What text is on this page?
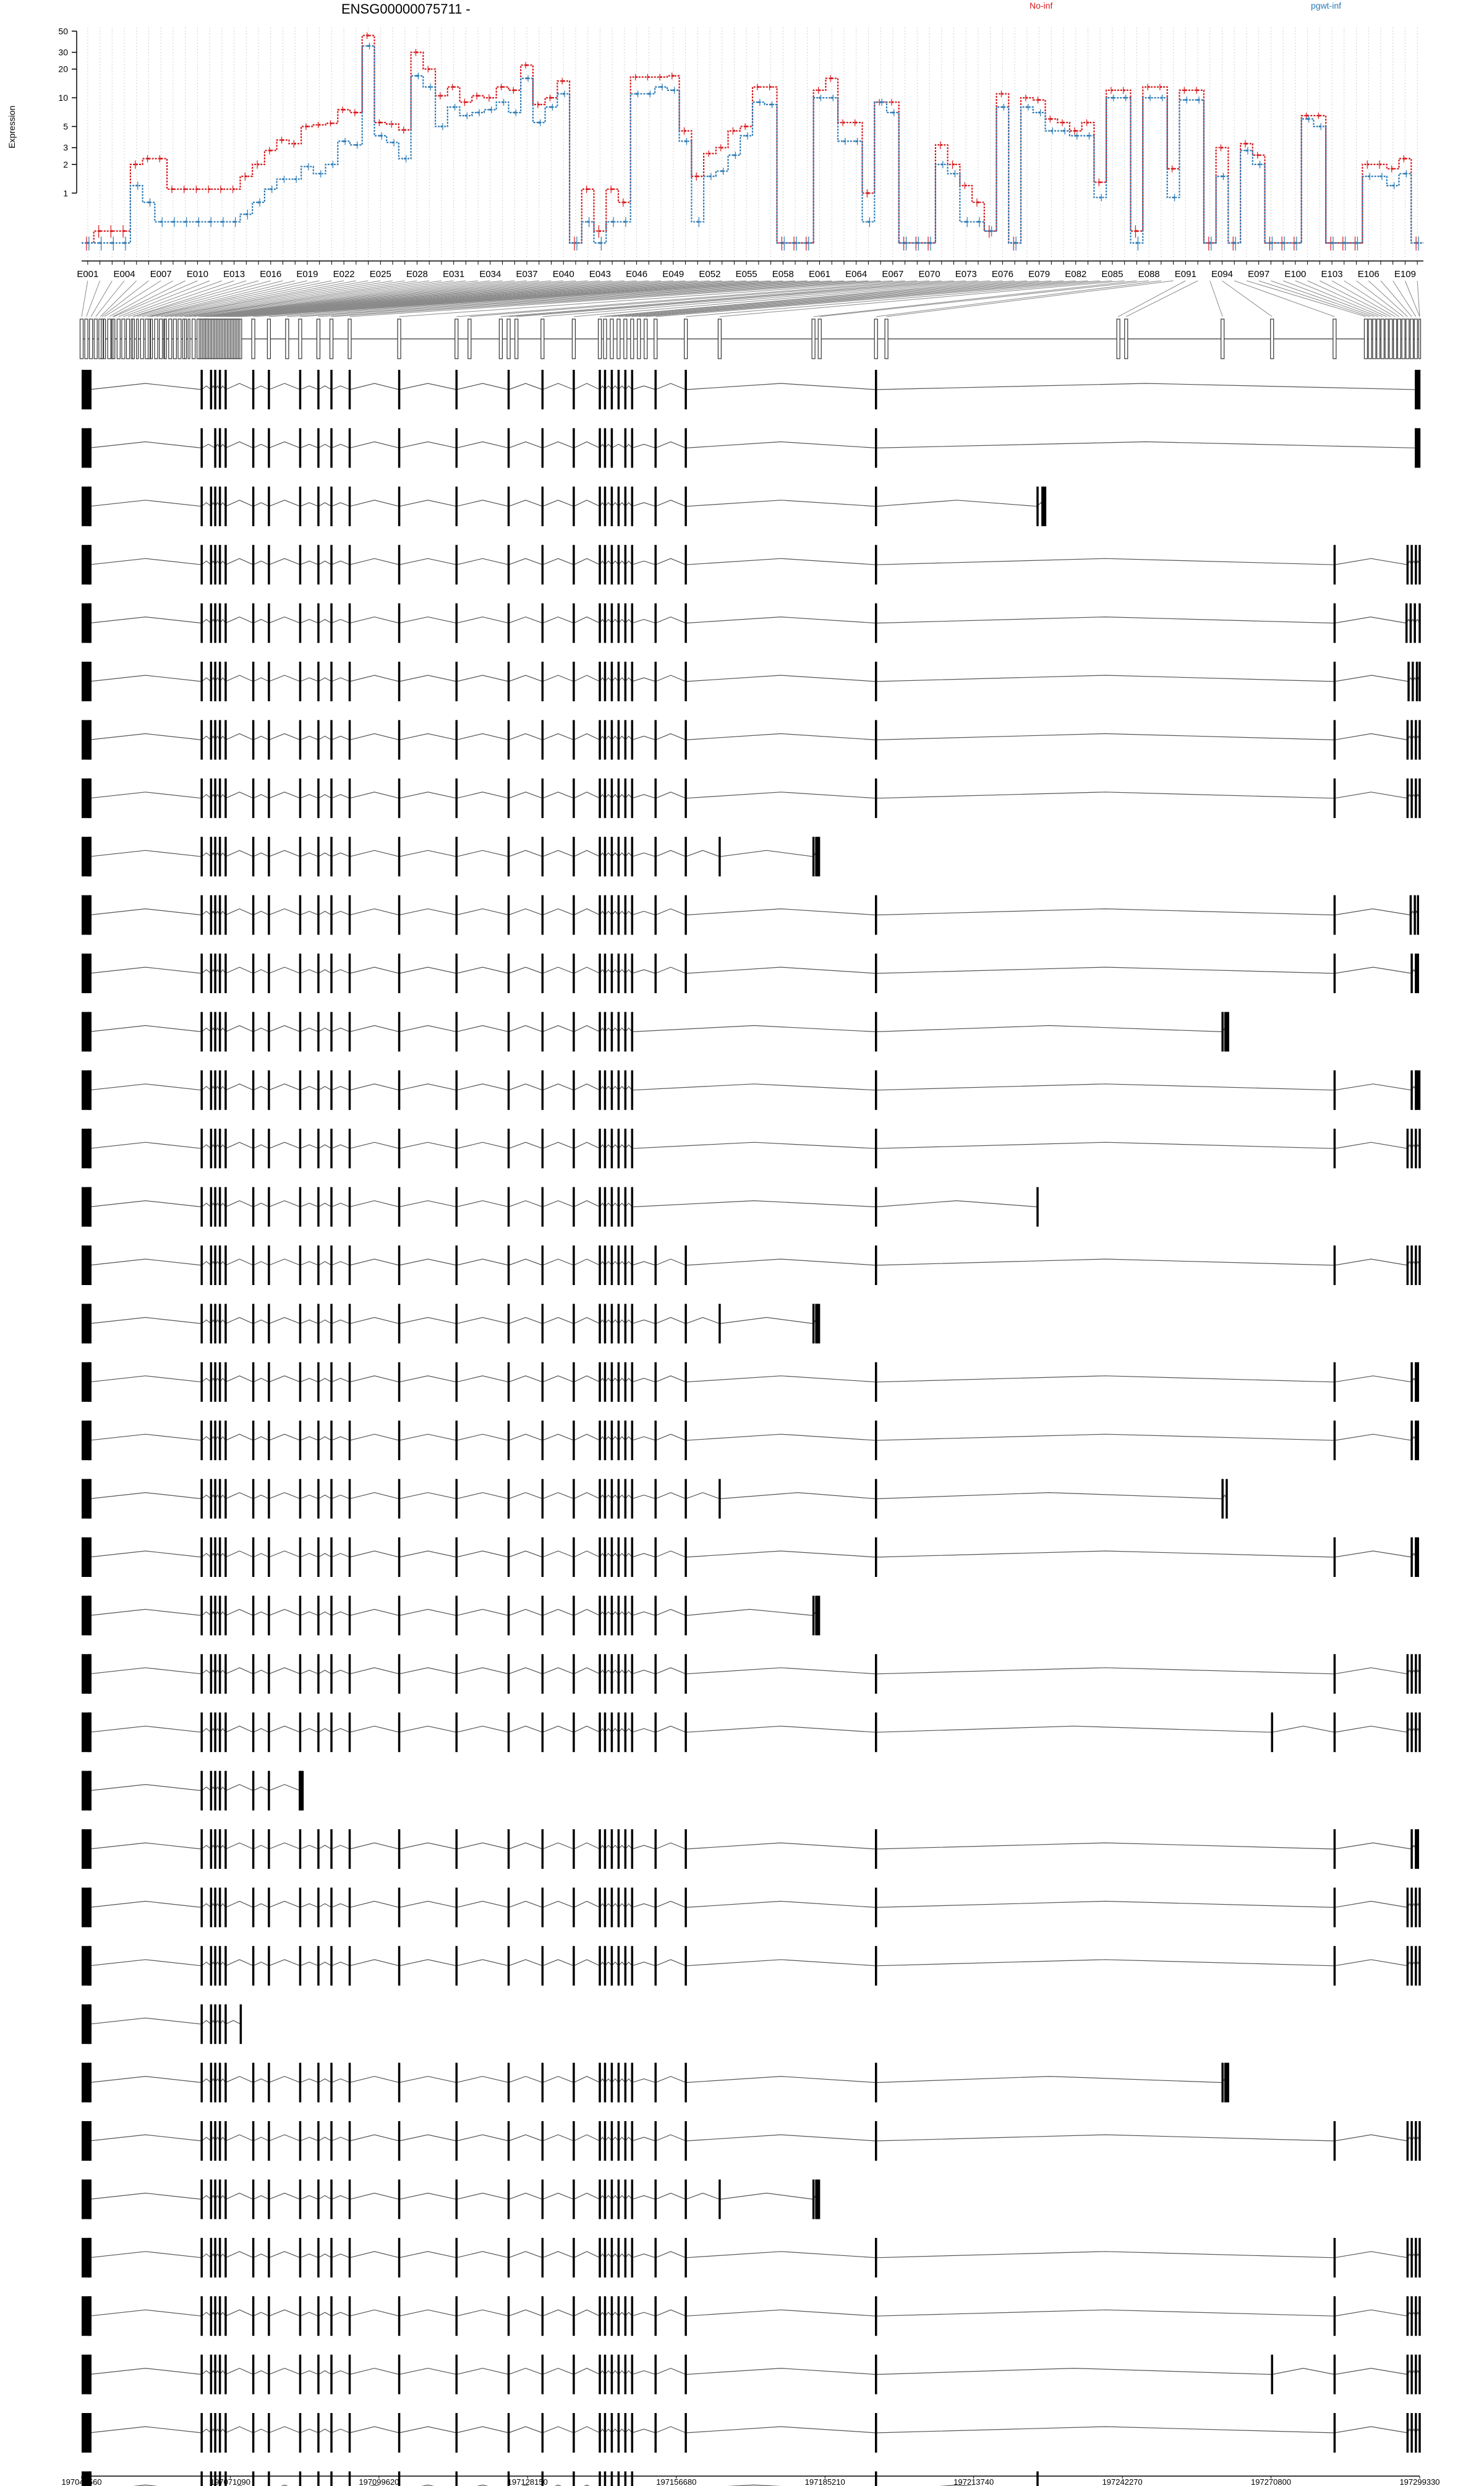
ENSG00000075711 -	No-inf	pgwt-inf
Expression
1
2
3
5
10
20
30
50
E001 E004 E007 E010 E013 E016 E019 E022 E025 E028 E031 E034 E037 E040 E043 E046 E049 E052 E055 E058 E061 E064 E067 E070 E073 E076 E079 E082 E085 E088 E091 E094 E097 E100 E103 E106 E109
197042560	197071090	197099620	197128150	197156680	197185210	197213740	197242270	197270800	197299330
